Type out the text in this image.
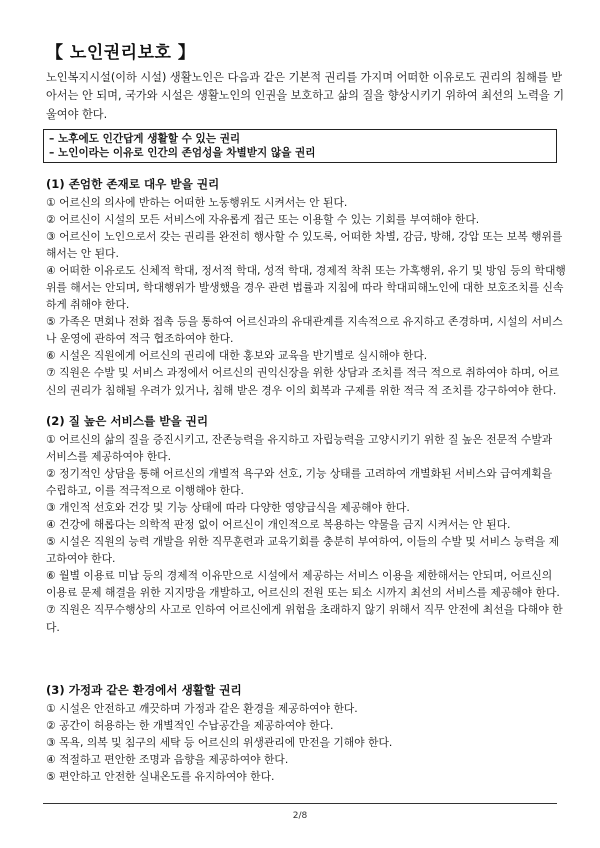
【 노인권리보호 】
노인복지시설(이하 시설) 생활노인은 다음과 같은 기본적 권리를 가지며 어떠한 이유로도 권리의 침해를 받아서는 안 되며, 국가와 시설은 생활노인의 인권을 보호하고 삶의 질을 향상시키기 위하여 최선의 노력을 기울여야 한다.
– 노후에도 인간답게 생활할 수 있는 권리
– 노인이라는 이유로 인간의 존엄성을 차별받지 않을 권리
(1) 존엄한 존재로 대우 받을 권리

① 어르신의 의사에 반하는 어떠한 노동행위도 시켜서는 안 된다.

② 어르신이 시설의 모든 서비스에 자유롭게 접근 또는 이용할 수 있는 기회를 부여해야 한다.

③ 어르신이 노인으로서 갖는 권리를 완전히 행사할 수 있도록, 어떠한 차별, 감금, 방해, 강압 또는 보복 행위를 해서는 안 된다.

④ 어떠한 이유로도 신체적 학대, 정서적 학대, 성적 학대, 경제적 착취 또는 가혹행위, 유기 및 방임 등의 학대행위를 해서는 안되며, 학대행위가 발생했을 경우 관련 법률과 지침에 따라 학대피해노인에 대한 보호조치를 신속하게 취해야 한다.

⑤ 가족은 면회나 전화 접촉 등을 통하여 어르신과의 유대관계를 지속적으로 유지하고 존경하며, 시설의 서비스나 운영에 관하여 적극 협조하여야 한다.

⑥ 시설은 직원에게 어르신의 권리에 대한 홍보와 교육을 반기별로 실시해야 한다.

⑦ 직원은 수발 및 서비스 과정에서 어르신의 권익신장을 위한 상담과 조치를 적극 적으로 취하여야 하며, 어르신의 권리가 침해될 우려가 있거나, 침해 받은 경우 이의 회복과 구제를 위한 적극 적 조치를 강구하여야 한다.

(2) 질 높은 서비스를 받을 권리

① 어르신의 삶의 질을 증진시키고, 잔존능력을 유지하고 자립능력을 고양시키기 위한 질 높은 전문적 수발과 서비스를 제공하여야 한다.

② 정기적인 상담을 통해 어르신의 개별적 욕구와 선호, 기능 상태를 고려하여 개별화된 서비스와 급여계획을 수립하고, 이를 적극적으로 이행해야 한다.

③ 개인적 선호와 건강 및 기능 상태에 따라 다양한 영양급식을 제공해야 한다.

④ 건강에 해롭다는 의학적 판정 없이 어르신이 개인적으로 복용하는 약물을 금지 시켜서는 안 된다.

⑤ 시설은 직원의 능력 개발을 위한 직무훈련과 교육기회를 충분히 부여하여, 이들의 수발 및 서비스 능력을 제고하여야 한다.

⑥ 월별 이용료 미납 등의 경제적 이유만으로 시설에서 제공하는 서비스 이용을 제한해서는 안되며, 어르신의 이용료 문제 해결을 위한 지지망을 개발하고, 어르신의 전원 또는 퇴소 시까지 최선의 서비스를 제공해야 한다.

⑦ 직원은 직무수행상의 사고로 인하여 어르신에게 위험을 초래하지 않기 위해서 직무 안전에 최선을 다해야 한다.

(3) 가정과 같은 환경에서 생활할 권리

① 시설은 안전하고 깨끗하며 가정과 같은 환경을 제공하여야 한다.

② 공간이 허용하는 한 개별적인 수납공간을 제공하여야 한다.

③ 목욕, 의복 및 침구의 세탁 등 어르신의 위생관리에 만전을 기해야 한다.

④ 적절하고 편안한 조명과 음향을 제공하여야 한다.

⑤ 편안하고 안전한 실내온도를 유지하여야 한다.

2/8
